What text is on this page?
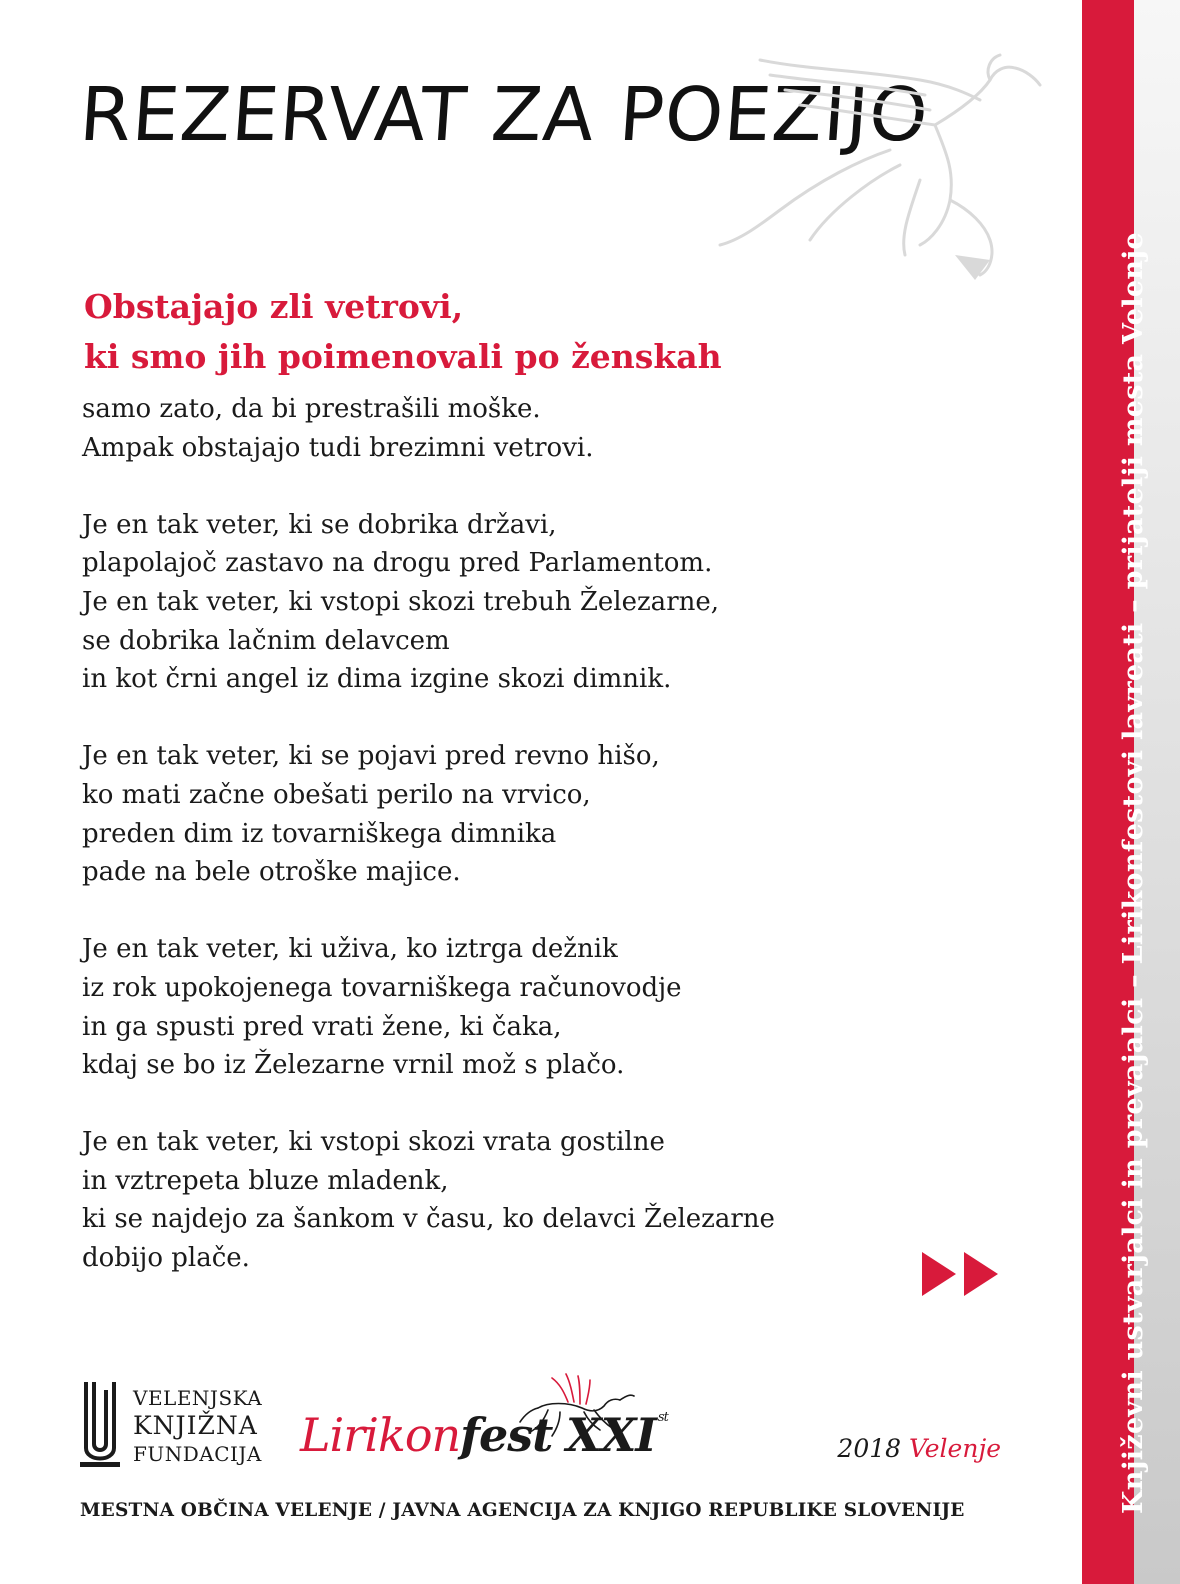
REZERVAT ZA POEZIJO
Obstajajo zli vetrovi,
ki smo jih poimenovali po ženskah
samo zato, da bi prestrašili moške.
Ampak obstajajo tudi brezimni vetrovi.
Je en tak veter, ki se dobrika državi,
plapolajoč zastavo na drogu pred Parlamentom.
Je en tak veter, ki vstopi skozi trebuh Železarne,
se dobrika lačnim delavcem
in kot črni angel iz dima izgine skozi dimnik.
Je en tak veter, ki se pojavi pred revno hišo,
ko mati začne obešati perilo na vrvico,
preden dim iz tovarniškega dimnika
pade na bele otroške majice.
Je en tak veter, ki uživa, ko iztrga dežnik
iz rok upokojenega tovarniškega računovodje
in ga spusti pred vrati žene, ki čaka,
kdaj se bo iz Železarne vrnil mož s plačo.
Je en tak veter, ki vstopi skozi vrata gostilne
in vztrepeta bluze mladenk,
ki se najdejo za šankom v času, ko delavci Železarne
dobijo plače.
VELENJSKA
KNJIŽNA
FUNDACIJA Lirikonfest XXI $^{st}$
2018 Velenje
MESTNA OBČINA VELENJE / JAVNA AGENCIJA ZA KNJIGO REPUBLIKE SLOVENIJE	Književni ustvarjalci in prevajalci – Lirikonfestovi lavreati – prijatelji mesta Velenje
